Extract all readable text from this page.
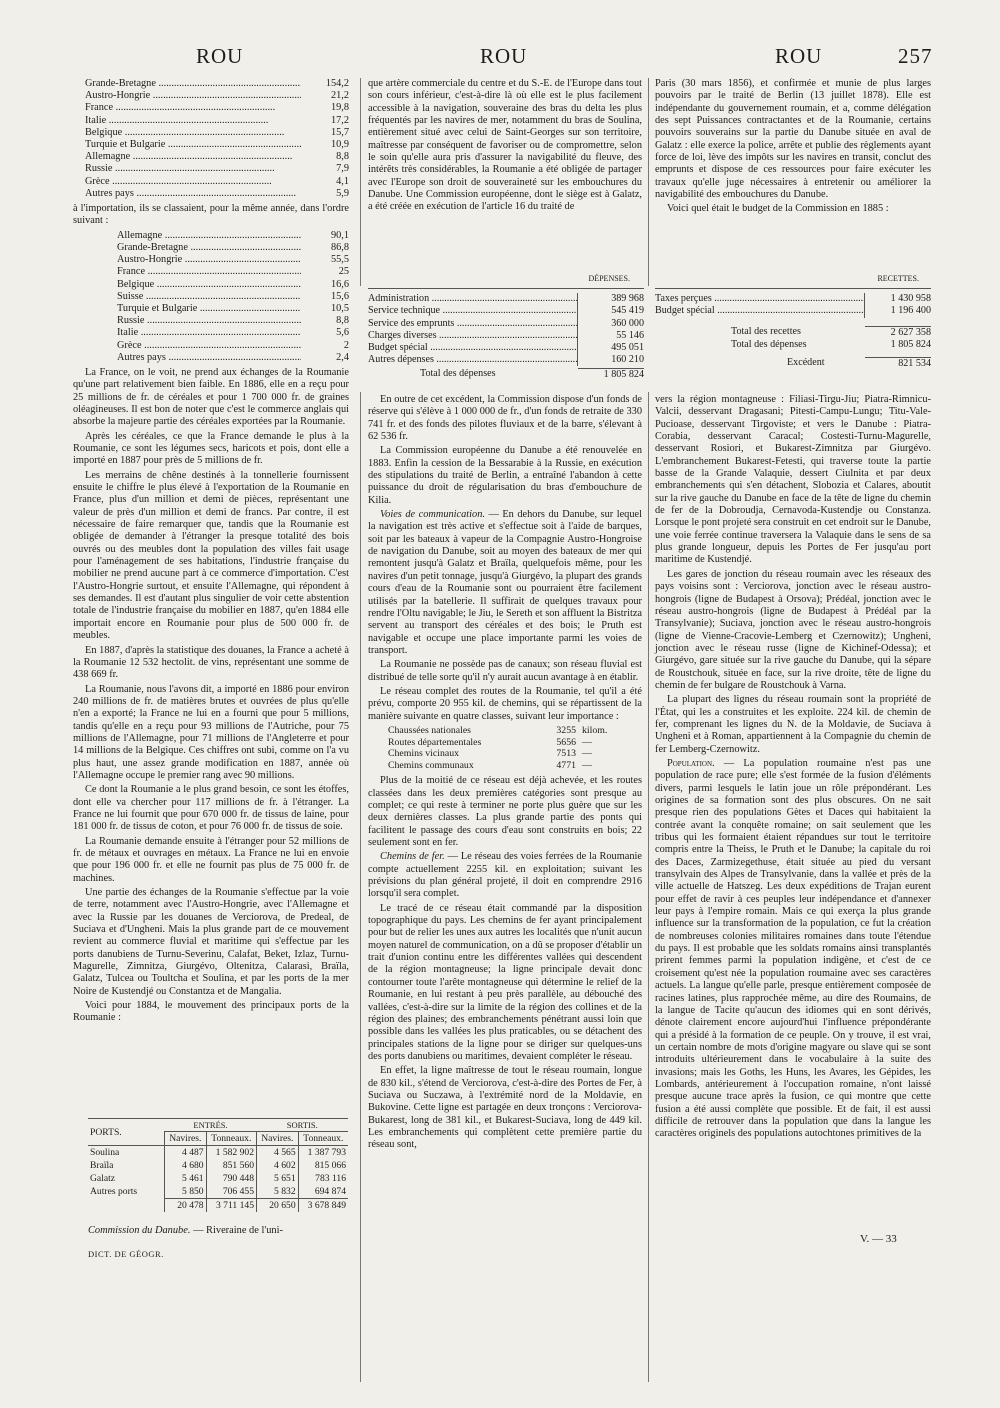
ROU	ROU	ROU	257
Grande-Bretagne .....	154,2
Austro-Hongrie .....	21,2
France .....	19,8
Italie .....	17,2
Belgique .....	15,7
Turquie et Bulgarie .....	10,9
Allemagne .....	8,8
Russie .....	7,9
Grèce .....	4,1
Autres pays .....	5,9

à l'importation, ils se classaient, pour la même année, dans l'ordre suivant :

Allemagne .....	90,1
Grande-Bretagne .....	86,8
Austro-Hongrie .....	55,5
France .....	25
Belgique .....	16,6
Suisse .....	15,6
Turquie et Bulgarie .....	10,5
Russie .....	8,8
Italie .....	5,6
Grèce .....	2
Autres pays .....	2,4

La France, on le voit, ne prend aux échanges de la Roumanie qu'une part relativement bien faible. En 1886, elle en a reçu pour 25 millions de fr. de céréales et pour 1 700 000 fr. de graines oléagineuses. Il est bon de noter que c'est le commerce anglais qui absorbe la majeure partie des céréales exportées par la Roumanie.

Après les céréales, ce que la France demande le plus à la Roumanie, ce sont les légumes secs, haricots et pois, dont elle a importé en 1887 pour près de 5 millions de fr.

Les merrains de chêne destinés à la tonnellerie fournissent ensuite le chiffre le plus élevé à l'exportation de la Roumanie en France, plus d'un million et demi de pièces, représentant une valeur de près d'un million et demi de francs. Par contre, il est nécessaire de faire remarquer que, tandis que la Roumanie est obligée de demander à l'étranger la presque totalité des bois ouvrés ou des meubles dont la population des villes fait usage pour l'aménagement de ses habitations, l'industrie française du mobilier ne prend aucune part à ce commerce d'importation. C'est l'Austro-Hongrie surtout, et ensuite l'Allemagne, qui répondent à ses demandes. Il est d'autant plus singulier de voir cette abstention totale de l'industrie française du mobilier en 1887, qu'en 1884 elle importait encore en Roumanie pour plus de 500 000 fr. de meubles.

En 1887, d'après la statistique des douanes, la France a acheté à la Roumanie 12 532 hectolit. de vins, représentant une somme de 438 669 fr.

La Roumanie, nous l'avons dit, a importé en 1886 pour environ 240 millions de fr. de matières brutes et ouvrées de plus qu'elle n'en a exporté; la France ne lui en a fourni que pour 5 millions, tandis qu'elle en a reçu pour 93 millions de l'Autriche, pour 75 millions de l'Allemagne, pour 71 millions de l'Angleterre et pour 14 millions de la Belgique. Ces chiffres ont subi, comme on l'a vu plus haut, une assez grande modification en 1887, année où l'Allemagne occupe le premier rang avec 90 millions.

Ce dont la Roumanie a le plus grand besoin, ce sont les étoffes, dont elle va chercher pour 117 millions de fr. à l'étranger. La France ne lui fournit que pour 670 000 fr. de tissus de laine, pour 181 000 fr. de tissus de coton, et pour 76 000 fr. de tissus de soie.

La Roumanie demande ensuite à l'étranger pour 52 millions de fr. de métaux et ouvrages en métaux. La France ne lui en envoie que pour 196 000 fr. et elle ne fournit pas plus de 75 000 fr. de machines.

Une partie des échanges de la Roumanie s'effectue par la voie de terre, notamment avec l'Austro-Hongrie, avec l'Allemagne et avec la Russie par les douanes de Verciorova, de Predeal, de Suciava et d'Ungheni. Mais la plus grande part de ce mouvement revient au commerce fluvial et maritime qui s'effectue par les ports danubiens de Turnu-Severinu, Calafat, Beket, Izlaz, Turnu-Magurelle, Zimnitza, Giurgévo, Oltenitza, Calarasi, Braïla, Galatz, Tulcea ou Toultcha et Soulina, et par les ports de la mer Noire de Kustendjé ou Constantza et de Mangalia.

Voici pour 1884, le mouvement des principaux ports de la Roumanie :

PORTS.	ENTRÉS.		SORTIS.	
	Navires.	Tonneaux.	Navires.	Tonneaux.
Soulina	4 487	1 582 902	4 565	1 387 793
Braïla	4 680	851 560	4 602	815 066
Galatz	5 461	790 448	5 651	783 116
Autres ports	5 850	706 455	5 832	694 874
	20 478	3 711 145	20 650	3 678 849
Commission du Danube. — Riveraine de l'uni-
DICT. DE GÉOGR.
V. — 33

que artère commerciale du centre et du S.-E. de l'Europe dans tout son cours inférieur, c'est-à-dire là où elle est le plus facilement accessible à la navigation, souveraine des bras du delta les plus fréquentés par les navires de mer, notamment du bras de Soulina, entièrement situé avec celui de Saint-Georges sur son territoire, maîtresse par conséquent de favoriser ou de compromettre, selon le soin qu'elle aura pris d'assurer la navigabilité du fleuve, des intérêts très considérables, la Roumanie a été obligée de partager avec l'Europe son droit de souveraineté sur les embouchures du Danube. Une Commission européenne, dont le siège est à Galatz, a été créée en exécution de l'article 16 du traité de

Paris (30 mars 1856), et confirmée et munie de plus larges pouvoirs par le traité de Berlin (13 juillet 1878). Elle est indépendante du gouvernement roumain, et a, comme délégation des sept Puissances contractantes et de la Roumanie, certains pouvoirs souverains sur la partie du Danube située en aval de Galatz : elle exerce la police, arrête et publie des règlements ayant force de loi, lève des impôts sur les navires en transit, conclut des emprunts et dispose de ces ressources pour faire exécuter les travaux qu'elle juge nécessaires à entretenir ou améliorer la navigabilité des embouchures du Danube.

Voici quel était le budget de la Commission en 1885 :

DÉPENSES.
Administration .....	389 968
Service technique .....	545 419
Service des emprunts .....	360 000
Charges diverses .....	55 146
Budget spécial .....	495 051
Autres dépenses .....	160 210
Total des dépenses	1 805 824
RECETTES.
Taxes perçues .....	1 430 958
Budget spécial .....	1 196 400
Total des recettes	2 627 358
Total des dépenses	1 805 824
Excédent	821 534

En outre de cet excédent, la Commission dispose d'un fonds de réserve qui s'élève à 1 000 000 de fr., d'un fonds de retraite de 330 741 fr. et des fonds des pilotes fluviaux et de la barre, s'élevant à 62 536 fr.

La Commission européenne du Danube a été renouvelée en 1883. Enfin la cession de la Bessarabie à la Russie, en exécution des stipulations du traité de Berlin, a entraîné l'abandon à cette puissance du droit de régularisation du bras d'embouchure de Kilia.

Voies de communication. — En dehors du Danube, sur lequel la navigation est très active et s'effectue soit à l'aide de barques, soit par les bateaux à vapeur de la Compagnie Austro-Hongroise de navigation du Danube, soit au moyen des bateaux de mer qui remontent jusqu'à Galatz et Braïla, quelquefois même, pour les navires d'un petit tonnage, jusqu'à Giurgévo, la plupart des grands cours d'eau de la Roumanie sont ou pourraient être facilement utilisés par la batellerie. Il suffirait de quelques travaux pour rendre l'Oltu navigable; le Jiu, le Sereth et son affluent la Bistritza servent au transport des céréales et des bois; le Pruth est navigable et occupe une place importante parmi les voies de transport.

La Roumanie ne possède pas de canaux; son réseau fluvial est distribué de telle sorte qu'il n'y aurait aucun avantage à en établir.

Le réseau complet des routes de la Roumanie, tel qu'il a été prévu, comporte 20 955 kil. de chemins, qui se répartissent de la manière suivante en quatre classes, suivant leur importance :

Chaussées nationales	3255 kilom.
Routes départementales	5656 —
Chemins vicinaux	7513 —
Chemins communaux	4771 —

Plus de la moitié de ce réseau est déjà achevée, et les routes classées dans les deux premières catégories sont presque au complet; ce qui reste à terminer ne porte plus guère que sur les deux dernières classes. La plus grande partie des ponts qui facilitent le passage des cours d'eau sont construits en bois; 22 seulement sont en fer.

Chemins de fer. — Le réseau des voies ferrées de la Roumanie compte actuellement 2255 kil. en exploitation; suivant les prévisions du plan général projeté, il doit en comprendre 2916 lorsqu'il sera complet.

Le tracé de ce réseau était commandé par la disposition topographique du pays. Les chemins de fer ayant principalement pour but de relier les unes aux autres les localités que n'unit aucun moyen naturel de communication, on a dû se proposer d'établir un trait d'union continu entre les différentes vallées qui descendent de la région montagneuse; la ligne principale devait donc contourner toute l'arête montagneuse qui détermine le relief de la Roumanie, en lui restant à peu près parallèle, au débouché des vallées, c'est-à-dire sur la limite de la région des collines et de la région des plaines; des embranchements pénétrant aussi loin que possible dans les vallées les plus praticables, ou se détachent des principales stations de la ligne pour se diriger sur quelques-uns des ports danubiens ou maritimes, devaient compléter le réseau.

En effet, la ligne maîtresse de tout le réseau roumain, longue de 830 kil., s'étend de Verciorova, c'est-à-dire des Portes de Fer, à Suciava ou Suczawa, à l'extrémité nord de la Moldavie, en Bukovine. Cette ligne est partagée en deux tronçons : Verciorova-Bukarest, long de 381 kil., et Bukarest-Suciava, long de 449 kil. Les embranchements qui complètent cette première partie du réseau sont,

vers la région montagneuse : Filiasi-Tirgu-Jiu; Piatra-Rimnicu-Valcii, desservant Dragasani; Pitesti-Campu-Lungu; Titu-Vale-Pucioase, desservant Tirgoviste; et vers le Danube : Piatra-Corabia, desservant Caracal; Costesti-Turnu-Magurelle, desservant Rosiori, et Bukarest-Zimnitza par Giurgévo. L'embranchement Bukarest-Fetesti, qui traverse toute la partie basse de la Grande Valaquie, dessert Ciulnita et par deux embranchements qui s'en détachent, Slobozia et Calares, aboutit sur la rive gauche du Danube en face de la tête de ligne du chemin de fer de la Dobroudja, Cernavoda-Kustendje ou Constanza. Lorsque le pont projeté sera construit en cet endroit sur le Danube, une voie ferrée continue traversera la Valaquie dans le sens de sa plus grande longueur, depuis les Portes de Fer jusqu'au port maritime de Kustendjé.

Les gares de jonction du réseau roumain avec les réseaux des pays voisins sont : Verciorova, jonction avec le réseau austro-hongrois (ligne de Budapest à Orsova); Prédéal, jonction avec le réseau austro-hongrois (ligne de Budapest à Prédéal par la Transylvanie); Suciava, jonction avec le réseau austro-hongrois (ligne de Vienne-Cracovie-Lemberg et Czernowitz); Ungheni, jonction avec le réseau russe (ligne de Kichinef-Odessa); et Giurgévo, gare située sur la rive gauche du Danube, qui la sépare de Roustchouk, située en face, sur la rive droite, tête de ligne du chemin de fer bulgare de Roustchouk à Varna.

La plupart des lignes du réseau roumain sont la propriété de l'État, qui les a construites et les exploite. 224 kil. de chemin de fer, comprenant les lignes du N. de la Moldavie, de Suciava à Ungheni et à Roman, appartiennent à la Compagnie du chemin de fer Lemberg-Czernowitz.

Population. — La population roumaine n'est pas une population de race pure; elle s'est formée de la fusion d'éléments divers, parmi lesquels le latin joue un rôle prépondérant. Les origines de sa formation sont des plus obscures. On ne sait presque rien des populations Gètes et Daces qui habitaient la contrée avant la conquête romaine; on sait seulement que les tribus qui les formaient étaient répandues sur tout le territoire compris entre la Theiss, le Pruth et le Danube; la capitale du roi des Daces, Zarmizegethuse, était située au pied du versant transylvain des Alpes de Transylvanie, dans la vallée et près de la ville actuelle de Hatszeg. Les deux expéditions de Trajan eurent pour effet de ravir à ces peuples leur indépendance et d'annexer leur pays à l'empire romain. Mais ce qui exerça la plus grande influence sur la transformation de la population, ce fut la création de nombreuses colonies militaires romaines dans toute l'étendue du pays. Il est probable que les soldats romains ainsi transplantés prirent femmes parmi la population indigène, et c'est de ce croisement qu'est née la population roumaine avec ses caractères actuels. La langue qu'elle parle, presque entièrement composée de racines latines, plus rapprochée même, au dire des Roumains, de la langue de Tacite qu'aucun des idiomes qui en sont dérivés, dénote clairement encore aujourd'hui l'influence prépondérante qui a présidé à la formation de ce peuple. On y trouve, il est vrai, un certain nombre de mots d'origine magyare ou slave qui se sont introduits ultérieurement dans le vocabulaire à la suite des invasions; mais les Goths, les Huns, les Avares, les Gépides, les Lombards, antérieurement à l'occupation romaine, n'ont laissé presque aucune trace après la fusion, ce qui montre que cette fusion a été aussi complète que possible. Et de fait, il est aussi difficile de retrouver dans la population que dans la langue les caractères originels des populations autochtones primitives de la
